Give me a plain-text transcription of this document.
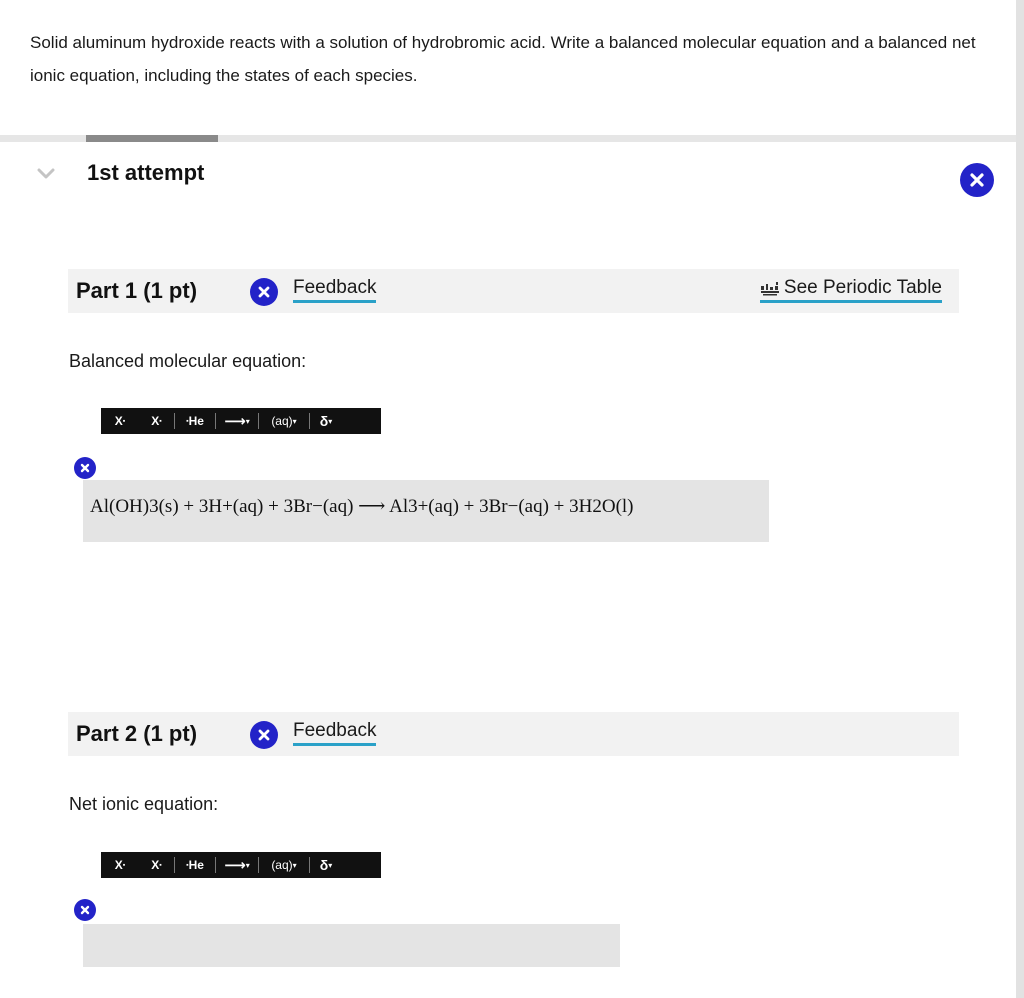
Solid aluminum hydroxide reacts with a solution of hydrobromic acid. Write a balanced molecular equation and a balanced net ionic equation, including the states of each species.
1st attempt
Part 1 (1 pt)	Feedback	See Periodic Table
Balanced molecular equation:
X ▪ X ▪	▪ He ⟶ ▾ (aq) ▾ δ ▾
Al(OH)3(s) + 3H+(aq) + 3Br−(aq) ⟶ Al3+(aq) + 3Br−(aq) + 3H2O(l)
Part 2 (1 pt)	Feedback
Net ionic equation:
X ▪ X ▪	▪ He ⟶ ▾ (aq) ▾ δ ▾
